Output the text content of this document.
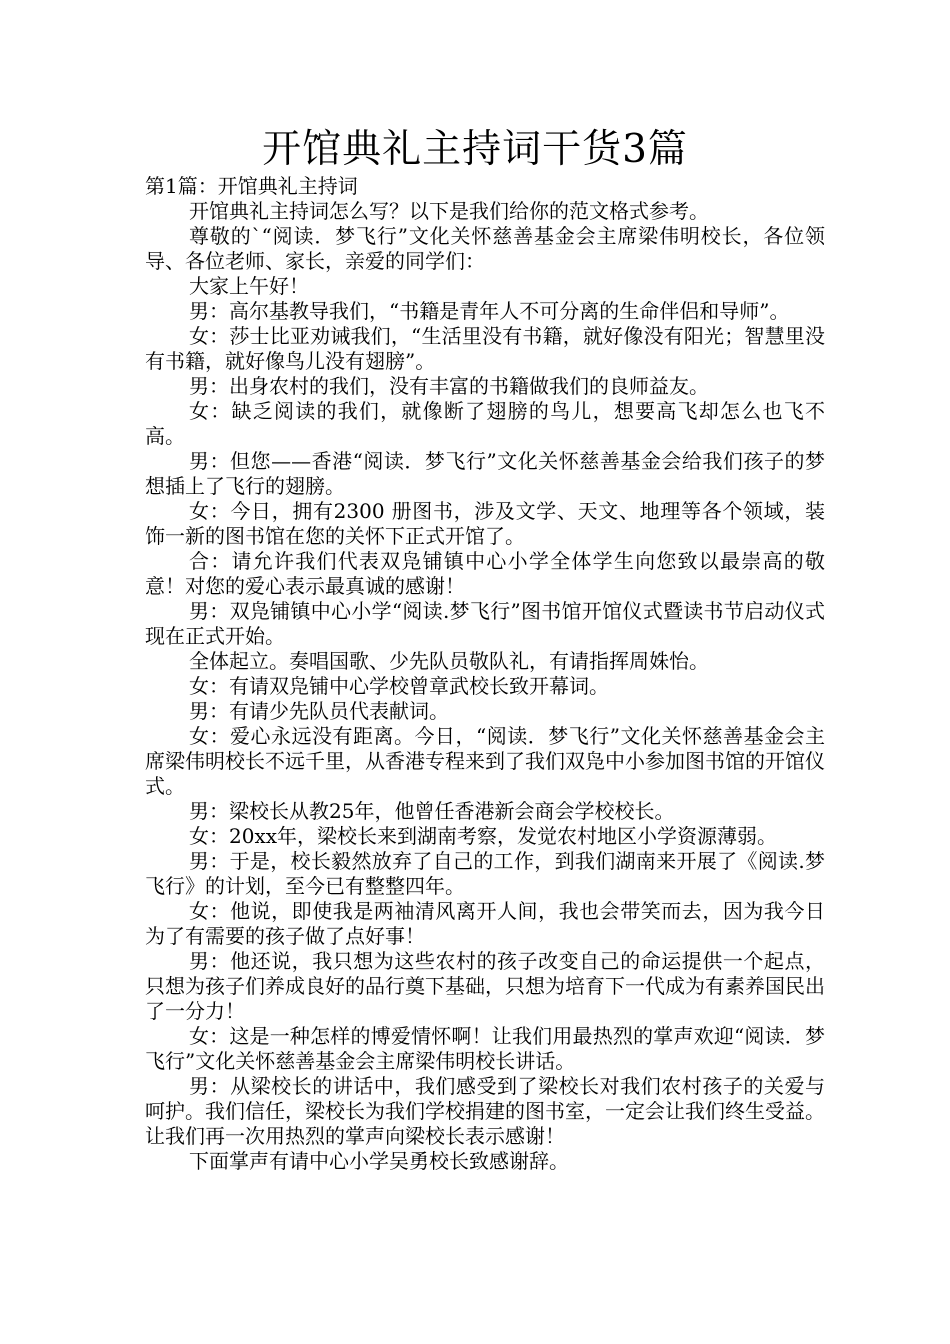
开馆典礼主持词干货3篇

第1篇：开馆典礼主持词

开馆典礼主持词怎么写？以下是我们给你的范文格式参考。

尊敬的`“阅读．梦飞行”文化关怀慈善基金会主席梁伟明校长，各位领导、各位老师、家长，亲爱的同学们：

大家上午好！

男：高尔基教导我们，“书籍是青年人不可分离的生命伴侣和导师”。

女：莎士比亚劝诫我们，“生活里没有书籍，就好像没有阳光；智慧里没有书籍，就好像鸟儿没有翅膀”。

男：出身农村的我们，没有丰富的书籍做我们的良师益友。

女：缺乏阅读的我们，就像断了翅膀的鸟儿，想要高飞却怎么也飞不高。

男：但您——香港“阅读．梦飞行”文化关怀慈善基金会给我们孩子的梦想插上了飞行的翅膀。

女：今日，拥有2300 册图书，涉及文学、天文、地理等各个领域，装饰一新的图书馆在您的关怀下正式开馆了。

合：请允许我们代表双凫铺镇中心小学全体学生向您致以最崇高的敬意！对您的爱心表示最真诚的感谢！

男：双凫铺镇中心小学“阅读.梦飞行”图书馆开馆仪式暨读书节启动仪式现在正式开始。

全体起立。奏唱国歌、少先队员敬队礼，有请指挥周姝怡。

女：有请双凫铺中心学校曾章武校长致开幕词。

男：有请少先队员代表献词。

女：爱心永远没有距离。今日，“阅读．梦飞行”文化关怀慈善基金会主席梁伟明校长不远千里，从香港专程来到了我们双凫中小参加图书馆的开馆仪式。

男：梁校长从教25年，他曾任香港新会商会学校校长。

女：20xx年，梁校长来到湖南考察，发觉农村地区小学资源薄弱。

男：于是，校长毅然放弃了自己的工作，到我们湖南来开展了《阅读.梦飞行》的计划，至今已有整整四年。

女：他说，即使我是两袖清风离开人间，我也会带笑而去，因为我今日为了有需要的孩子做了点好事！

男：他还说，我只想为这些农村的孩子改变自己的命运提供一个起点，只想为孩子们养成良好的品行奠下基础，只想为培育下一代成为有素养国民出了一分力！

女：这是一种怎样的博爱情怀啊！让我们用最热烈的掌声欢迎“阅读．梦飞行”文化关怀慈善基金会主席梁伟明校长讲话。

男：从梁校长的讲话中，我们感受到了梁校长对我们农村孩子的关爱与呵护。我们信任，梁校长为我们学校捐建的图书室，一定会让我们终生受益。让我们再一次用热烈的掌声向梁校长表示感谢！

下面掌声有请中心小学吴勇校长致感谢辞。
